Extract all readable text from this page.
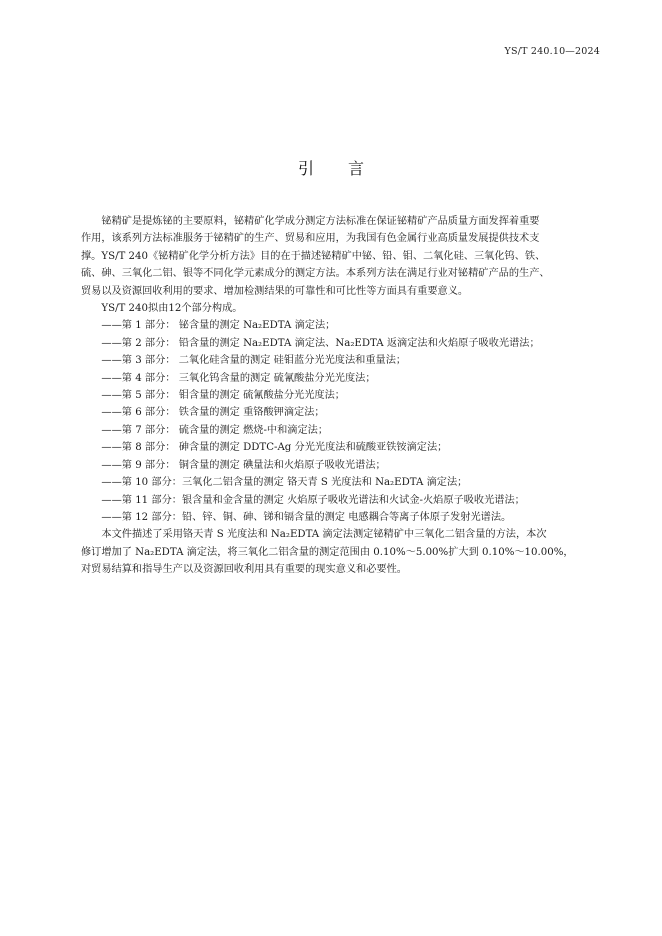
YS/T 240.10—2024
引言

铋精矿是提炼铋的主要原料，铋精矿化学成分测定方法标准在保证铋精矿产品质量方面发挥着重要

作用，该系列方法标准服务于铋精矿的生产、贸易和应用，为我国有色金属行业高质量发展提供技术支

撑。YS/T 240《铋精矿化学分析方法》目的在于描述铋精矿中铋、铅、钼、二氧化硅、三氧化钨、铁、

硫、砷、三氧化二铝、银等不同化学元素成分的测定方法。本系列方法在满足行业对铋精矿产品的生产、

贸易以及资源回收利用的要求、增加检测结果的可靠性和可比性等方面具有重要意义。

YS/T 240拟由12个部分构成。

——第 1 部分： 铋含量的测定 Na₂EDTA 滴定法；
——第 2 部分： 铅含量的测定 Na₂EDTA 滴定法、Na₂EDTA 返滴定法和火焰原子吸收光谱法；
——第 3 部分： 二氧化硅含量的测定 硅钼蓝分光光度法和重量法；
——第 4 部分： 三氧化钨含量的测定 硫氰酸盐分光光度法；
——第 5 部分： 钼含量的测定 硫氰酸盐分光光度法；
——第 6 部分： 铁含量的测定 重铬酸钾滴定法；
——第 7 部分： 硫含量的测定 燃烧-中和滴定法；
——第 8 部分： 砷含量的测定 DDTC-Ag 分光光度法和硫酸亚铁铵滴定法；
——第 9 部分： 铜含量的测定 碘量法和火焰原子吸收光谱法；
——第 10 部分：三氧化二铝含量的测定 铬天青 S 光度法和 Na₂EDTA 滴定法；
——第 11 部分：银含量和金含量的测定 火焰原子吸收光谱法和火试金-火焰原子吸收光谱法；
——第 12 部分：铅、锌、铜、砷、锑和镉含量的测定 电感耦合等离子体原子发射光谱法。

本文件描述了采用铬天青 S 光度法和 Na₂EDTA 滴定法测定铋精矿中三氧化二铝含量的方法，本次

修订增加了 Na₂EDTA 滴定法，将三氧化二铝含量的测定范围由 0.10%～5.00%扩大到 0.10%～10.00%，

对贸易结算和指导生产以及资源回收利用具有重要的现实意义和必要性。
